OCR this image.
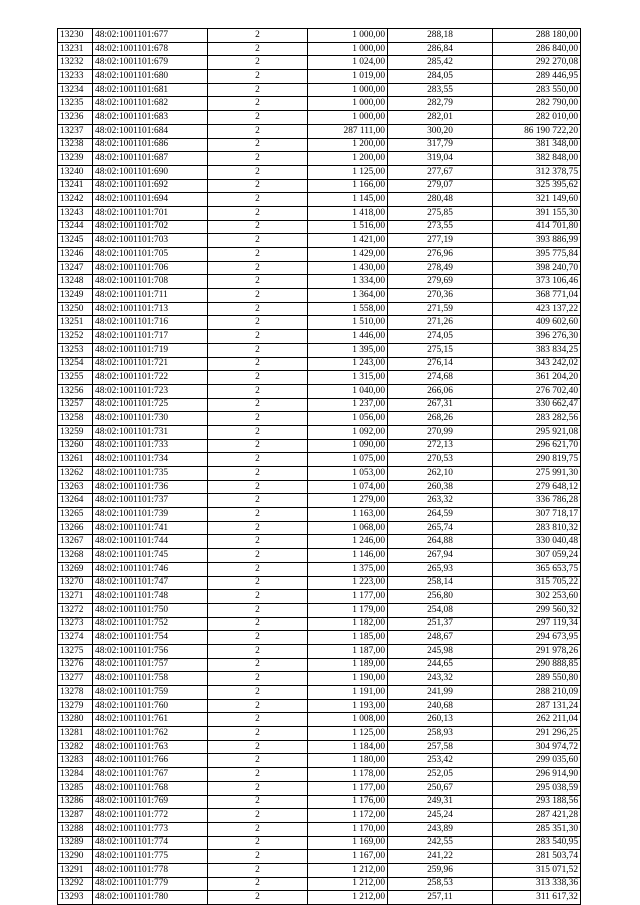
13230	48:02:1001101:677	2	1 000,00	288,18	288 180,00
13231	48:02:1001101:678	2	1 000,00	286,84	286 840,00
13232	48:02:1001101:679	2	1 024,00	285,42	292 270,08
13233	48:02:1001101:680	2	1 019,00	284,05	289 446,95
13234	48:02:1001101:681	2	1 000,00	283,55	283 550,00
13235	48:02:1001101:682	2	1 000,00	282,79	282 790,00
13236	48:02:1001101:683	2	1 000,00	282,01	282 010,00
13237	48:02:1001101:684	2	287 111,00	300,20	86 190 722,20
13238	48:02:1001101:686	2	1 200,00	317,79	381 348,00
13239	48:02:1001101:687	2	1 200,00	319,04	382 848,00
13240	48:02:1001101:690	2	1 125,00	277,67	312 378,75
13241	48:02:1001101:692	2	1 166,00	279,07	325 395,62
13242	48:02:1001101:694	2	1 145,00	280,48	321 149,60
13243	48:02:1001101:701	2	1 418,00	275,85	391 155,30
13244	48:02:1001101:702	2	1 516,00	273,55	414 701,80
13245	48:02:1001101:703	2	1 421,00	277,19	393 886,99
13246	48:02:1001101:705	2	1 429,00	276,96	395 775,84
13247	48:02:1001101:706	2	1 430,00	278,49	398 240,70
13248	48:02:1001101:708	2	1 334,00	279,69	373 106,46
13249	48:02:1001101:711	2	1 364,00	270,36	368 771,04
13250	48:02:1001101:713	2	1 558,00	271,59	423 137,22
13251	48:02:1001101:716	2	1 510,00	271,26	409 602,60
13252	48:02:1001101:717	2	1 446,00	274,05	396 276,30
13253	48:02:1001101:719	2	1 395,00	275,15	383 834,25
13254	48:02:1001101:721	2	1 243,00	276,14	343 242,02
13255	48:02:1001101:722	2	1 315,00	274,68	361 204,20
13256	48:02:1001101:723	2	1 040,00	266,06	276 702,40
13257	48:02:1001101:725	2	1 237,00	267,31	330 662,47
13258	48:02:1001101:730	2	1 056,00	268,26	283 282,56
13259	48:02:1001101:731	2	1 092,00	270,99	295 921,08
13260	48:02:1001101:733	2	1 090,00	272,13	296 621,70
13261	48:02:1001101:734	2	1 075,00	270,53	290 819,75
13262	48:02:1001101:735	2	1 053,00	262,10	275 991,30
13263	48:02:1001101:736	2	1 074,00	260,38	279 648,12
13264	48:02:1001101:737	2	1 279,00	263,32	336 786,28
13265	48:02:1001101:739	2	1 163,00	264,59	307 718,17
13266	48:02:1001101:741	2	1 068,00	265,74	283 810,32
13267	48:02:1001101:744	2	1 246,00	264,88	330 040,48
13268	48:02:1001101:745	2	1 146,00	267,94	307 059,24
13269	48:02:1001101:746	2	1 375,00	265,93	365 653,75
13270	48:02:1001101:747	2	1 223,00	258,14	315 705,22
13271	48:02:1001101:748	2	1 177,00	256,80	302 253,60
13272	48:02:1001101:750	2	1 179,00	254,08	299 560,32
13273	48:02:1001101:752	2	1 182,00	251,37	297 119,34
13274	48:02:1001101:754	2	1 185,00	248,67	294 673,95
13275	48:02:1001101:756	2	1 187,00	245,98	291 978,26
13276	48:02:1001101:757	2	1 189,00	244,65	290 888,85
13277	48:02:1001101:758	2	1 190,00	243,32	289 550,80
13278	48:02:1001101:759	2	1 191,00	241,99	288 210,09
13279	48:02:1001101:760	2	1 193,00	240,68	287 131,24
13280	48:02:1001101:761	2	1 008,00	260,13	262 211,04
13281	48:02:1001101:762	2	1 125,00	258,93	291 296,25
13282	48:02:1001101:763	2	1 184,00	257,58	304 974,72
13283	48:02:1001101:766	2	1 180,00	253,42	299 035,60
13284	48:02:1001101:767	2	1 178,00	252,05	296 914,90
13285	48:02:1001101:768	2	1 177,00	250,67	295 038,59
13286	48:02:1001101:769	2	1 176,00	249,31	293 188,56
13287	48:02:1001101:772	2	1 172,00	245,24	287 421,28
13288	48:02:1001101:773	2	1 170,00	243,89	285 351,30
13289	48:02:1001101:774	2	1 169,00	242,55	283 540,95
13290	48:02:1001101:775	2	1 167,00	241,22	281 503,74
13291	48:02:1001101:778	2	1 212,00	259,96	315 071,52
13292	48:02:1001101:779	2	1 212,00	258,53	313 338,36
13293	48:02:1001101:780	2	1 212,00	257,11	311 617,32
